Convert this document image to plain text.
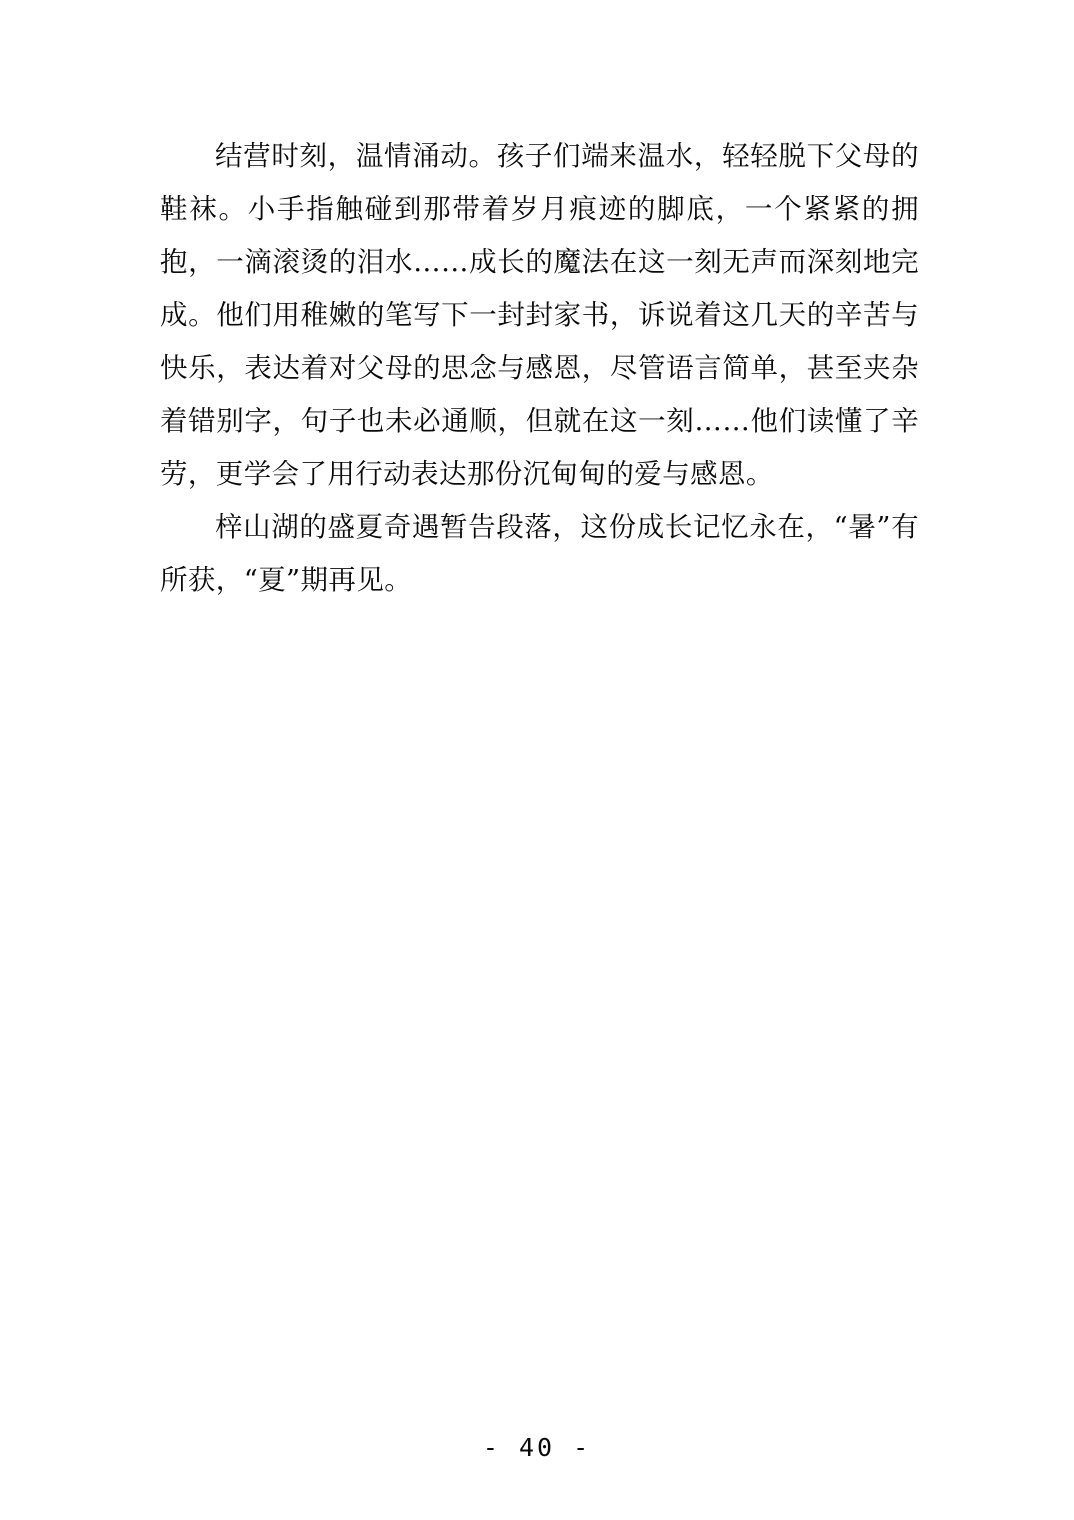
结营时刻，温情涌动。孩子们端来温水，轻轻脱下父母的鞋袜。小手指触碰到那带着岁月痕迹的脚底，一个紧紧的拥抱，一滴滚烫的泪水……成长的魔法在这一刻无声而深刻地完成。他们用稚嫩的笔写下一封封家书，诉说着这几天的辛苦与快乐，表达着对父母的思念与感恩，尽管语言简单，甚至夹杂着错别字，句子也未必通顺，但就在这一刻……他们读懂了辛劳，更学会了用行动表达那份沉甸甸的爱与感恩。

梓山湖的盛夏奇遇暂告段落，这份成长记忆永在，“暑”有所获，“夏”期再见。

- 40 -
